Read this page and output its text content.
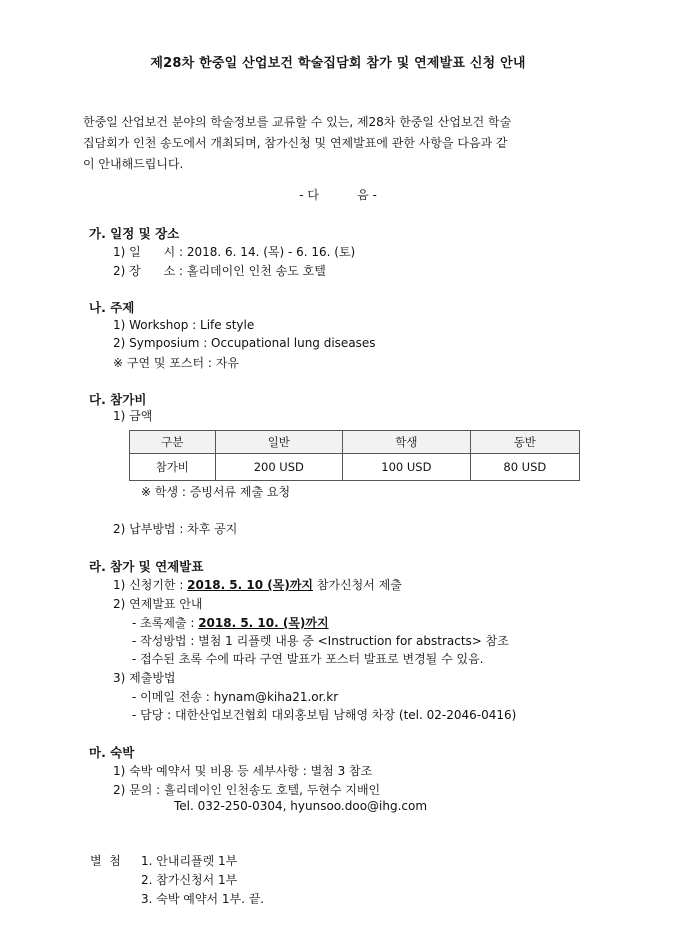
제28차 한중일 산업보건 학술집담회 참가 및 연제발표 신청 안내
한중일 산업보건 분야의 학술정보를 교류할 수 있는, 제28차 한중일 산업보건 학술
집담회가 인천 송도에서 개최되며, 참가신청 및 연제발표에 관한 사항을 다음과 같
이 안내해드립니다.
- 다          음 -
가. 일정 및 장소
1) 일      시 : 2018. 6. 14. (목) - 6. 16. (토)
2) 장      소 : 홀리데이인 인천 송도 호텔
나. 주제
1) Workshop : Life style
2) Symposium : Occupational lung diseases
※ 구연 및 포스터 : 자유
다. 참가비
1) 금액
구분	일반	학생	동반
참가비	200 USD	100 USD	80 USD
※ 학생 : 증빙서류 제출 요청
2) 납부방법 : 차후 공지
라. 참가 및 연제발표
1) 신청기한 : 2018. 5. 10 (목)까지 참가신청서 제출
2) 연제발표 안내
- 초록제출 : 2018. 5. 10. (목)까지
- 작성방법 : 별첨 1 리플렛 내용 중 <Instruction for abstracts> 참조
- 접수된 초록 수에 따라 구연 발표가 포스터 발표로 변경될 수 있음.
3) 제출방법
- 이메일 전송 : hynam@kiha21.or.kr
- 담당 : 대한산업보건협회 대외홍보팀 남해영 차장 (tel. 02-2046-0416)
마. 숙박
1) 숙박 예약서 및 비용 등 세부사항 : 별첨 3 참조
2) 문의 : 홀리데이인 인천송도 호텔, 두현수 지배인
Tel. 032-250-0304, hyunsoo.doo@ihg.com
별  첨 1. 안내리플렛 1부
2. 참가신청서 1부
3. 숙박 예약서 1부. 끝.
